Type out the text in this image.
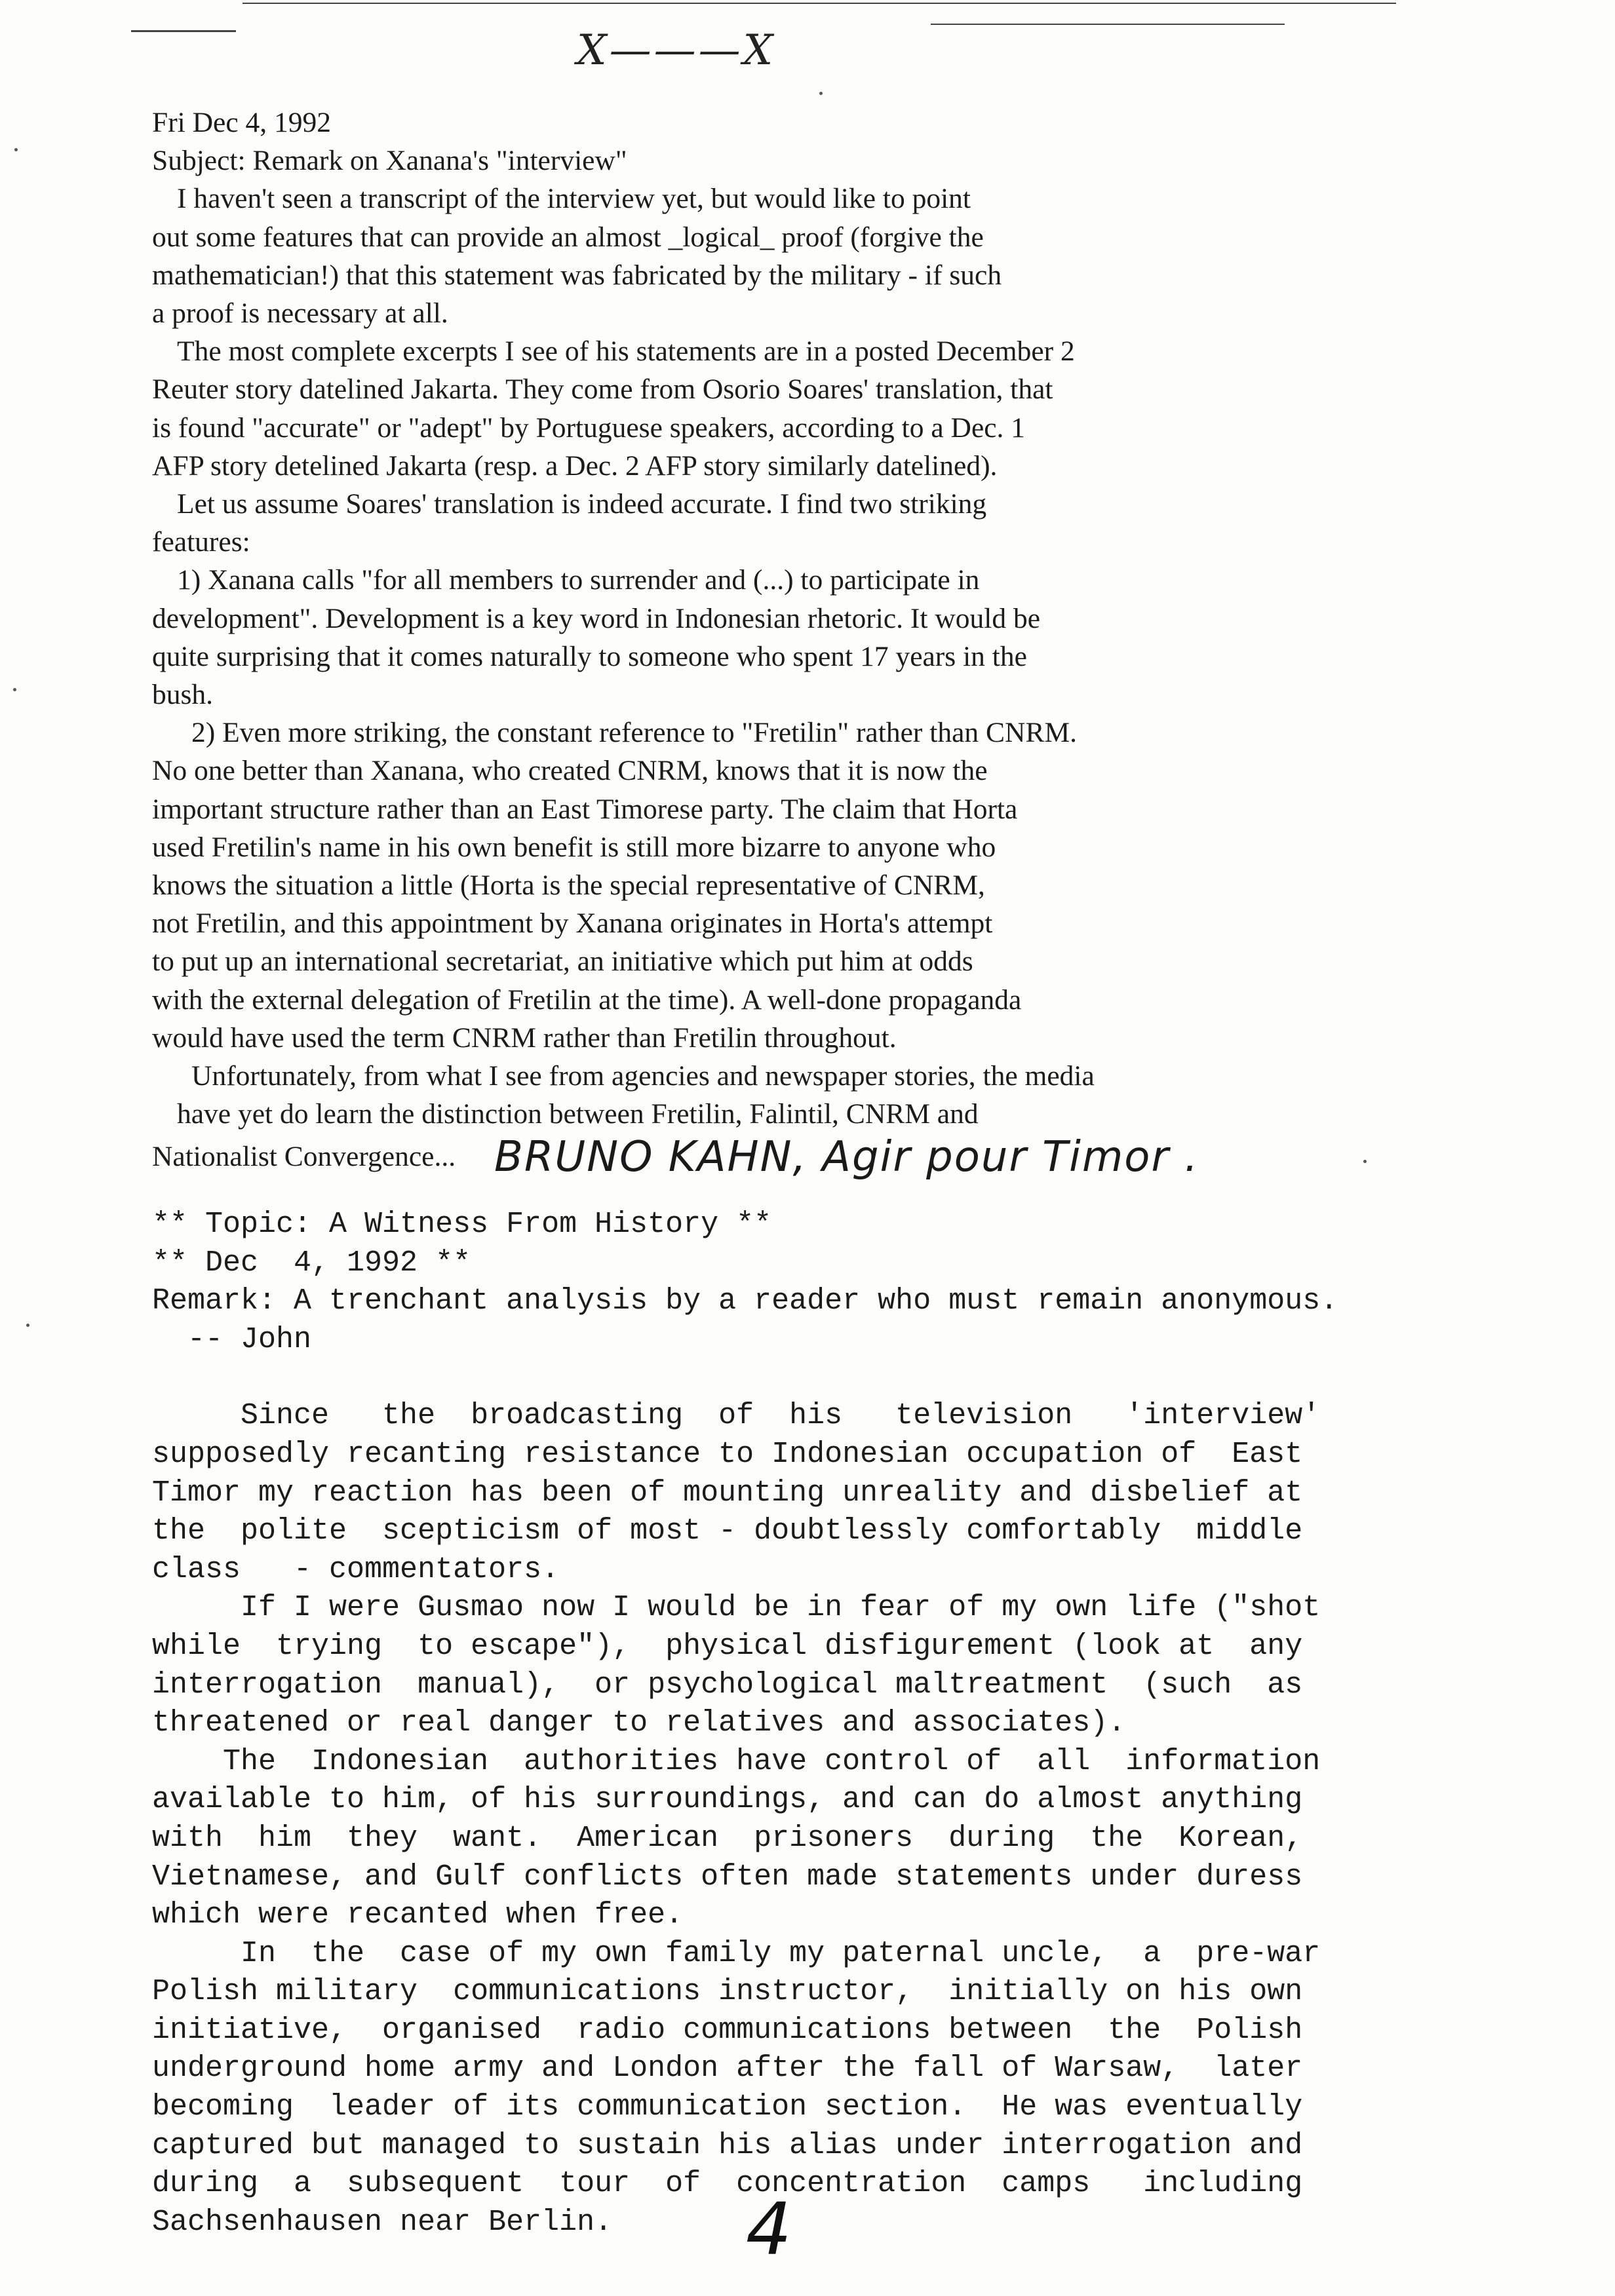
X———X
Fri Dec 4, 1992
Subject: Remark on Xanana's "interview"
I haven't seen a transcript of the interview yet, but would like to point
out some features that can provide an almost _logical_ proof (forgive the
mathematician!) that this statement was fabricated by the military - if such
a proof is necessary at all.
The most complete excerpts I see of his statements are in a posted December 2
Reuter story datelined Jakarta. They come from Osorio Soares' translation, that
is found "accurate" or "adept" by Portuguese speakers, according to a Dec. 1
AFP story detelined Jakarta (resp. a Dec. 2 AFP story similarly datelined).
Let us assume Soares' translation is indeed accurate. I find two striking
features:
1) Xanana calls "for all members to surrender and (...) to participate in
development". Development is a key word in Indonesian rhetoric. It would be
quite surprising that it comes naturally to someone who spent 17 years in the
bush.
2) Even more striking, the constant reference to "Fretilin" rather than CNRM.
No one better than Xanana, who created CNRM, knows that it is now the
important structure rather than an East Timorese party. The claim that Horta
used Fretilin's name in his own benefit is still more bizarre to anyone who
knows the situation a little (Horta is the special representative of CNRM,
not Fretilin, and this appointment by Xanana originates in Horta's attempt
to put up an international secretariat, an initiative which put him at odds
with the external delegation of Fretilin at the time). A well-done propaganda
would have used the term CNRM rather than Fretilin throughout.
Unfortunately, from what I see from agencies and newspaper stories, the media
have yet do learn the distinction between Fretilin, Falintil, CNRM and
Nationalist Convergence... BRUNO KAHN, Agir pour Timor .
** Topic: A Witness From History **
** Dec  4, 1992 **
Remark: A trenchant analysis by a reader who must remain anonymous.
-- John
Since   the  broadcasting  of  his   television   'interview'
supposedly recanting resistance to Indonesian occupation of  East
Timor my reaction has been of mounting unreality and disbelief at
the  polite  scepticism of most - doubtlessly comfortably  middle
class   - commentators.
If I were Gusmao now I would be in fear of my own life ("shot
while  trying  to escape"),  physical disfigurement (look at  any
interrogation  manual),  or psychological maltreatment  (such  as
threatened or real danger to relatives and associates).
The  Indonesian  authorities have control of  all  information
available to him, of his surroundings, and can do almost anything
with  him  they  want.  American  prisoners  during  the  Korean,
Vietnamese, and Gulf conflicts often made statements under duress
which were recanted when free.
In  the  case of my own family my paternal uncle,  a  pre-war
Polish military  communications instructor,  initially on his own
initiative,  organised  radio communications between  the  Polish
underground home army and London after the fall of Warsaw,  later
becoming  leader of its communication section.  He was eventually
captured but managed to sustain his alias under interrogation and
during  a  subsequent  tour  of  concentration  camps   including
Sachsenhausen near Berlin.	4
